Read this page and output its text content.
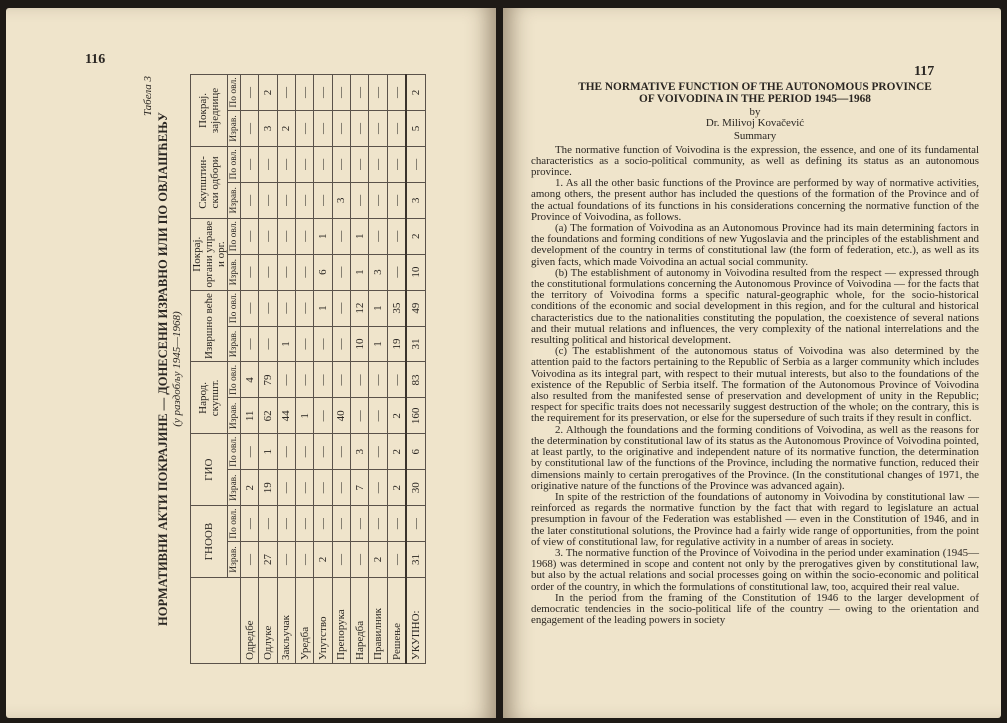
116
Табела 3
НОРМАТИВНИ АКТИ ПОКРАЈИНЕ — ДОНЕСЕНИ ИЗРАВНО ИЛИ ПО ОВЛАШЋЕЊУ (у раздобљу 1945—1968)
	ГНООВ		ГИО		Народ. скупшт.		Извршно веће		Покрај. органи управе и орг.		Скупштин-ски одбори		Покрај. заједнице	
	Израв.	По овл.	Израв.	По овл.	Израв.	По овл.	Израв.	По овл.	Израв.	По овл.	Израв.	По овл.	Израв.	По овл.
Одредбе	—	—	2	—	11	4	—	—	—	—	—	—	—	—
Одлуке	27	—	19	1	62	79	—	—	—	—	—	—	3	2
Закључак	—	—	—	—	44	—	1	—	—	—	—	—	2	—
Уредба	—	—	—	—	1	—	—	—	—	—	—	—	—	—
Упутство	2	—	—	—	—	—	—	1	6	1	—	—	—	—
Препорука	—	—	—	—	40	—	—	—	—	—	3	—	—	—
Наредба	—	—	7	3	—	—	10	12	1	1	—	—	—	—
Правилник	2	—	—	—	—	—	1	1	3	—	—	—	—	—
Решење	—	—	2	2	2	—	19	35	—	—	—	—	—	—
УКУПНО:	31	—	30	6	160	83	31	49	10	2	3	—	5	2
117
THE NORMATIVE FUNCTION OF THE AUTONOMOUS PROVINCE
OF VOIVODINA IN THE PERIOD 1945—1968
by
Dr. Milivoj Kovačević
Summary

The normative function of Voivodina is the expression, the essence, and one of its fundamental characteristics as a socio-political community, as well as defining its status as an autonomous province.

1. As all the other basic functions of the Province are performed by way of normative activities, among others, the present author has included the questions of the formation of the Province and of the actual foundations of its functions in his considerations concerning the normative function of the Province of Voivodina, as follows.

(a) The formation of Voivodina as an Autonomous Province had its main determining factors in the foundations and forming conditions of new Yugoslavia and the principles of the establishment and development of the country in terms of constitutional law (the form of federation, etc.), as well as its given facts, which made Voivodina an actual social community.

(b) The establishment of autonomy in Voivodina resulted from the respect — expressed through the constitutional formulations concerning the Autonomous Province of Voivodina — for the facts that the territory of Voivodina forms a specific natural-geographic whole, for the socio-historical conditions of the economic and social development in this region, and for the cultural and historical characteristics due to the nationalities constituting the population, the coexistence of several nations and their mutual relations and influences, the very complexity of the national interrelations and the resulting political and historical development.

(c) The establishment of the autonomous status of Voivodina was also determined by the attention paid to the factors pertaining to the Republic of Serbia as a larger community which includes Voivodina as its integral part, with respect to their mutual interests, but also to the foundations of the existence of the Republic of Serbia itself. The formation of the Autonomous Province of Voivodina also resulted from the manifested sense of preservation and development of unity in the Republic; respect for specific traits does not necessarily suggest destruction of the whole; on the contrary, this is the requirement for its preservation, or else for the supersedure of such traits if they result in conflict.

2. Although the foundations and the forming conditions of Voivodina, as well as the reasons for the determination by constitutional law of its status as the Autonomous Province of Voivodina pointed, at least partly, to the originative and independent nature of its normative function, the determination by constitutional law of the functions of the Province, including the normative function, reduced their dimensions mainly to certain prerogatives of the Province. (In the constitutional changes of 1971, the originative nature of the functions of the Province was advanced again).

In spite of the restriction of the foundations of autonomy in Voivodina by constitutional law — reinforced as regards the normative function by the fact that with regard to legislature an actual presumption in favour of the Federation was established — even in the Constitution of 1946, and in the later constitutional solutions, the Province had a fairly wide range of opportunities, from the point of view of constitutional law, for regulative activity in a number of areas in society.

3. The normative function of the Province of Voivodina in the period under examination (1945—1968) was determined in scope and content not only by the prerogatives given by constitutional law, but also by the actual relations and social processes going on within the socio-economic and political order of the country, in which the formulations of constitutional law, too, acquired their real value.

In the period from the framing of the Constitution of 1946 to the larger development of democratic tendencies in the socio-political life of the country — owing to the orientation and engagement of the leading powers in society
